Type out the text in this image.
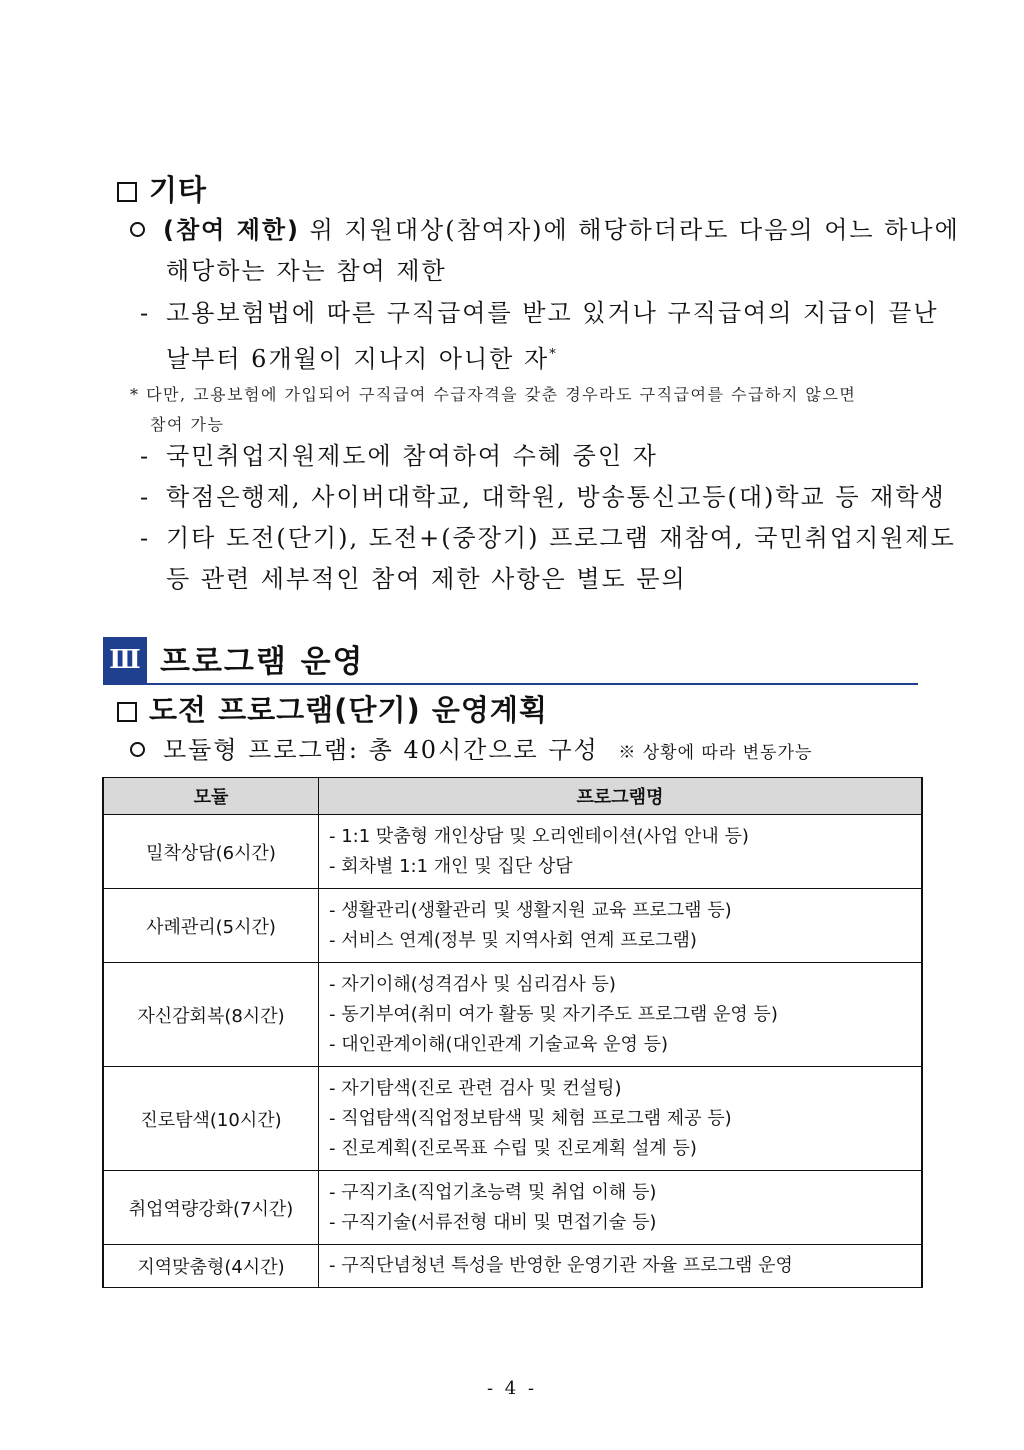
기타
(참여 제한) 위 지원대상(참여자)에 해당하더라도 다음의 어느 하나에
해당하는 자는 참여 제한
- 고용보험법에 따른 구직급여를 받고 있거나 구직급여의 지급이 끝난
날부터 6개월이 지나지 아니한 자*
* 다만, 고용보험에 가입되어 구직급여 수급자격을 갖춘 경우라도 구직급여를 수급하지 않으면
참여 가능
- 국민취업지원제도에 참여하여 수혜 중인 자
- 학점은행제, 사이버대학교, 대학원, 방송통신고등(대)학교 등 재학생
- 기타 도전(단기), 도전+(중장기) 프로그램 재참여, 국민취업지원제도
등 관련 세부적인 참여 제한 사항은 별도 문의
Ⅲ 프로그램 운영
도전 프로그램(단기) 운영계획
모듈형 프로그램: 총 40시간으로 구성 ※ 상황에 따라 변동가능
모듈	프로그램명
밀착상담(6시간)	- 1:1 맞춤형 개인상담 및 오리엔테이션(사업 안내 등)
- 회차별 1:1 개인 및 집단 상담

사례관리(5시간)	- 생활관리(생활관리 및 생활지원 교육 프로그램 등)
- 서비스 연계(정부 및 지역사회 연계 프로그램)

자신감회복(8시간)	- 자기이해(성격검사 및 심리검사 등)
- 동기부여(취미 여가 활동 및 자기주도 프로그램 운영 등)
- 대인관계이해(대인관계 기술교육 운영 등)

진로탐색(10시간)	- 자기탐색(진로 관련 검사 및 컨설팅)
- 직업탐색(직업정보탐색 및 체험 프로그램 제공 등)
- 진로계획(진로목표 수립 및 진로계획 설계 등)

취업역량강화(7시간)	- 구직기초(직업기초능력 및 취업 이해 등)
- 구직기술(서류전형 대비 및 면접기술 등)

지역맞춤형(4시간)	- 구직단념청년 특성을 반영한 운영기관 자율 프로그램 운영
- 4 -
